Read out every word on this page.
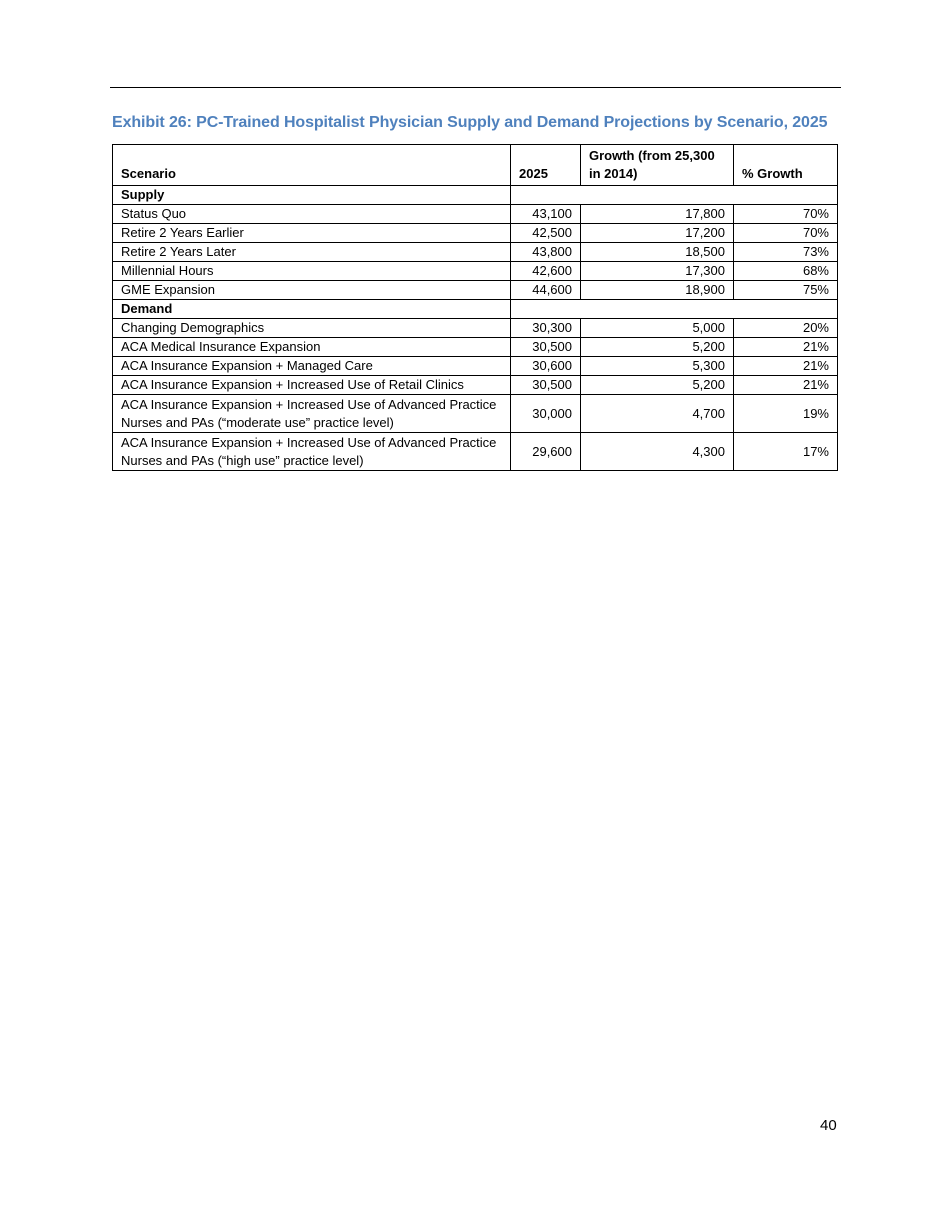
Exhibit 26: PC-Trained Hospitalist Physician Supply and Demand Projections by Scenario, 2025
Scenario	2025	Growth (from 25,300 in 2014)	% Growth
Supply			
Status Quo	43,100	17,800	70%
Retire 2 Years Earlier	42,500	17,200	70%
Retire 2 Years Later	43,800	18,500	73%
Millennial Hours	42,600	17,300	68%
GME Expansion	44,600	18,900	75%
Demand			
Changing Demographics	30,300	5,000	20%
ACA Medical Insurance Expansion	30,500	5,200	21%
ACA Insurance Expansion + Managed Care	30,600	5,300	21%
ACA Insurance Expansion + Increased Use of Retail Clinics	30,500	5,200	21%
ACA Insurance Expansion + Increased Use of Advanced Practice Nurses and PAs (“moderate use” practice level)	30,000	4,700	19%
ACA Insurance Expansion + Increased Use of Advanced Practice Nurses and PAs (“high use” practice level)	29,600	4,300	17%
40
